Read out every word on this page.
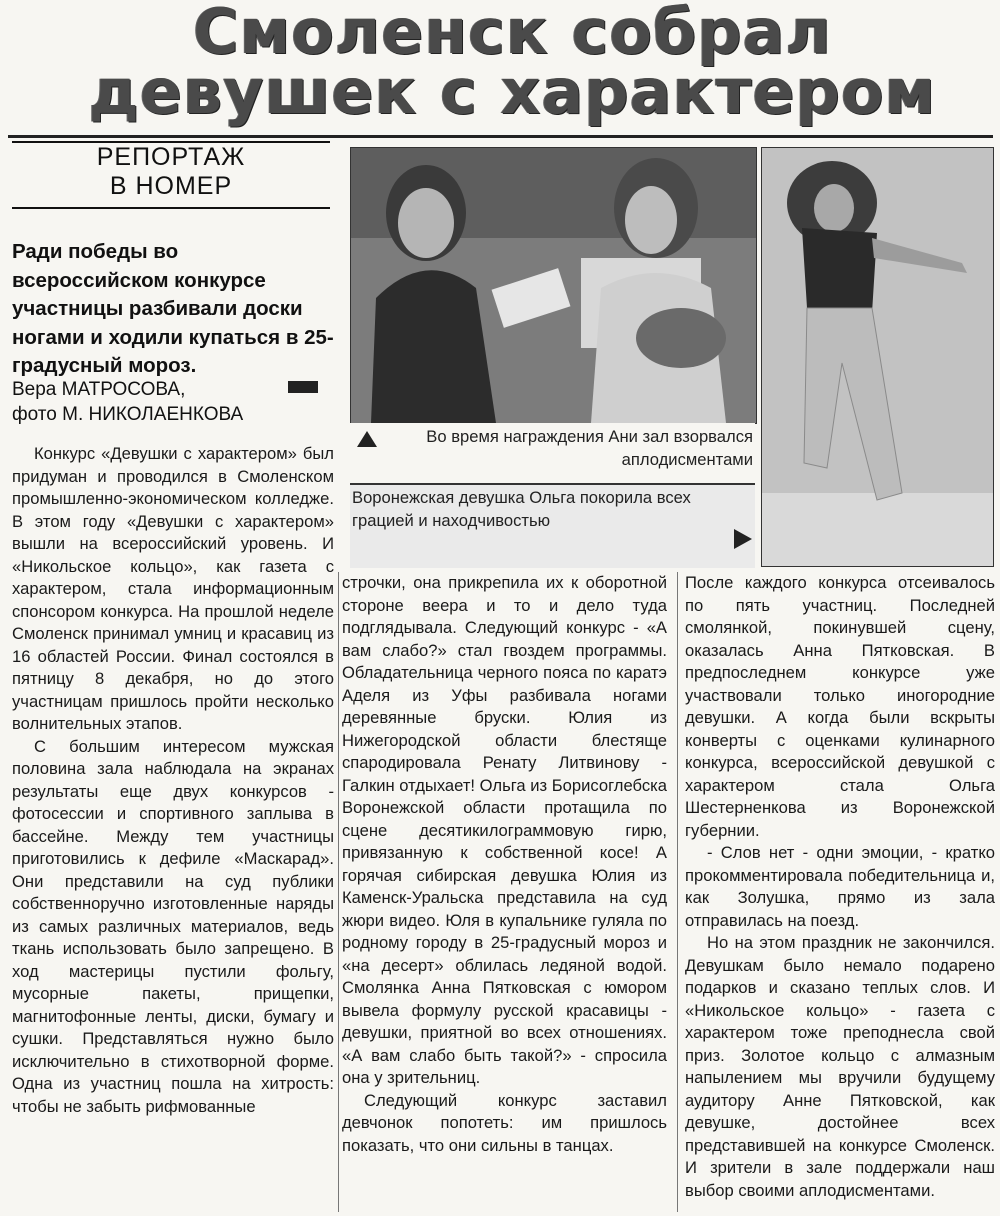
Смоленск собрал
девушек с характером
РЕПОРТАЖ
В НОМЕР
Ради победы во всероссийском конкурсе участницы разбивали доски ногами и ходили купаться в 25-градусный мороз.
Вера МАТРОСОВА,
фото М. НИКОЛАЕНКОВА

Конкурс «Девушки с характером» был придуман и проводился в Смоленском промышленно-экономическом колледже. В этом году «Девушки с характером» вышли на всероссийский уровень. И «Никольское кольцо», как газета с характером, стала информационным спонсором конкурса. На прошлой неделе Смоленск принимал умниц и красавиц из 16 областей России. Финал состоялся в пятницу 8 декабря, но до этого участницам пришлось пройти несколько волнительных этапов.

С большим интересом мужская половина зала наблюдала на экранах результаты еще двух конкурсов - фотосессии и спортивного заплыва в бассейне. Между тем участницы приготовились к дефиле «Маскарад». Они представили на суд публики собственноручно изготовленные наряды из самых различных материалов, ведь ткань использовать было запрещено. В ход мастерицы пустили фольгу, мусорные пакеты, прищепки, магнитофонные ленты, диски, бумагу и сушки. Представляться нужно было исключительно в стихотворной форме. Одна из участниц пошла на хитрость: чтобы не забыть рифмованные

Во время награждения Ани зал взорвался аплодисментами
Воронежская девушка Ольга покорила всех грацией и находчивостью

строчки, она прикрепила их к оборотной стороне веера и то и дело туда подглядывала. Следующий конкурс - «А вам слабо?» стал гвоздем программы. Обладательница черного пояса по каратэ Аделя из Уфы разбивала ногами деревянные бруски. Юлия из Нижегородской области блестяще спародировала Ренату Литвинову - Галкин отдыхает! Ольга из Борисоглебска Воронежской области протащила по сцене десятикилограммовую гирю, привязанную к собственной косе! А горячая сибирская девушка Юлия из Каменск-Уральска представила на суд жюри видео. Юля в купальнике гуляла по родному городу в 25-градусный мороз и «на десерт» облилась ледяной водой. Смолянка Анна Пятковская с юмором вывела формулу русской красавицы - девушки, приятной во всех отношениях. «А вам слабо быть такой?» - спросила она у зрительниц.

Следующий конкурс заставил девчонок попотеть: им пришлось показать, что они сильны в танцах.

После каждого конкурса отсеивалось по пять участниц. Последней смолянкой, покинувшей сцену, оказалась Анна Пятковская. В предпоследнем конкурсе уже участвовали только иногородние девушки. А когда были вскрыты конверты с оценками кулинарного конкурса, всероссийской девушкой с характером стала Ольга Шестерненкова из Воронежской губернии.

- Слов нет - одни эмоции, - кратко прокомментировала победительница и, как Золушка, прямо из зала отправилась на поезд.

Но на этом праздник не закончился. Девушкам было немало подарено подарков и сказано теплых слов. И «Никольское кольцо» - газета с характером тоже преподнесла свой приз. Золотое кольцо с алмазным напылением мы вручили будущему аудитору Анне Пятковской, как девушке, достойнее всех представившей на конкурсе Смоленск. И зрители в зале поддержали наш выбор своими аплодисментами.
